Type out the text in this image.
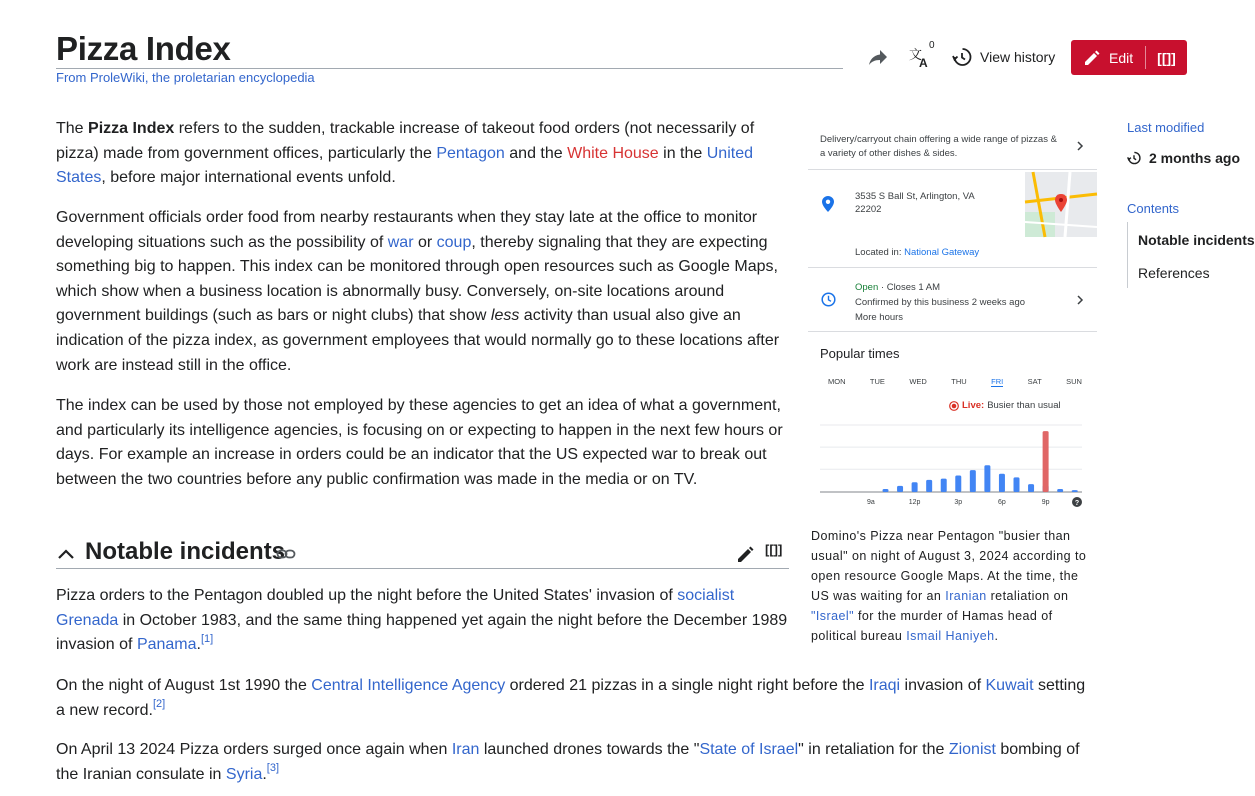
Pizza Index
From ProleWiki, the proletarian encyclopedia
文
A
0
View history	Edit	[[]]

The Pizza Index refers to the sudden, trackable increase of takeout food orders (not necessarily of pizza) made from government offices, particularly the Pentagon and the White House in the United States, before major international events unfold.

Government officials order food from nearby restaurants when they stay late at the office to monitor developing situations such as the possibility of war or coup, thereby signaling that they are expecting something big to happen. This index can be monitored through open resources such as Google Maps, which show when a business location is abnormally busy. Conversely, on-site locations around government buildings (such as bars or night clubs) that show less activity than usual also give an indication of the pizza index, as government employees that would normally go to these locations after work are instead still in the office.

The index can be used by those not employed by these agencies to get an idea of what a government, and particularly its intelligence agencies, is focusing on or expecting to happen in the next few hours or days. For example an increase in orders could be an indicator that the US expected war to break out between the two countries before any public confirmation was made in the media or on TV.

Notable incidents	[[]]

Pizza orders to the Pentagon doubled up the night before the United States' invasion of socialist Grenada in October 1983, and the same thing happened yet again the night before the December 1989 invasion of Panama.[1]

On the night of August 1st 1990 the Central Intelligence Agency ordered 21 pizzas in a single night right before the Iraqi invasion of Kuwait setting a new record.[2]

On April 13 2024 Pizza orders surged once again when Iran launched drones towards the "State of Israel" in retaliation for the Zionist bombing of the Iranian consulate in Syria.[3]

Delivery/carryout chain offering a wide range of pizzas & a variety of other dishes & sides.
3535 S Ball St, Arlington, VA
22202
Located in: National Gateway
Open · Closes 1 AM
Confirmed by this business 2 weeks ago
More hours
Popular times
MON	TUE	WED	THU	FRI	SAT	SUN
Live: Busier than usual
9a	12p	3p	6p	9p	?
Domino's Pizza near Pentagon "busier than usual" on night of August 3, 2024 according to open resource Google Maps. At the time, the US was waiting for an Iranian retaliation on "Israel" for the murder of Hamas head of political bureau Ismail Haniyeh.
Last modified
2 months ago
Contents
Notable incidents
References
